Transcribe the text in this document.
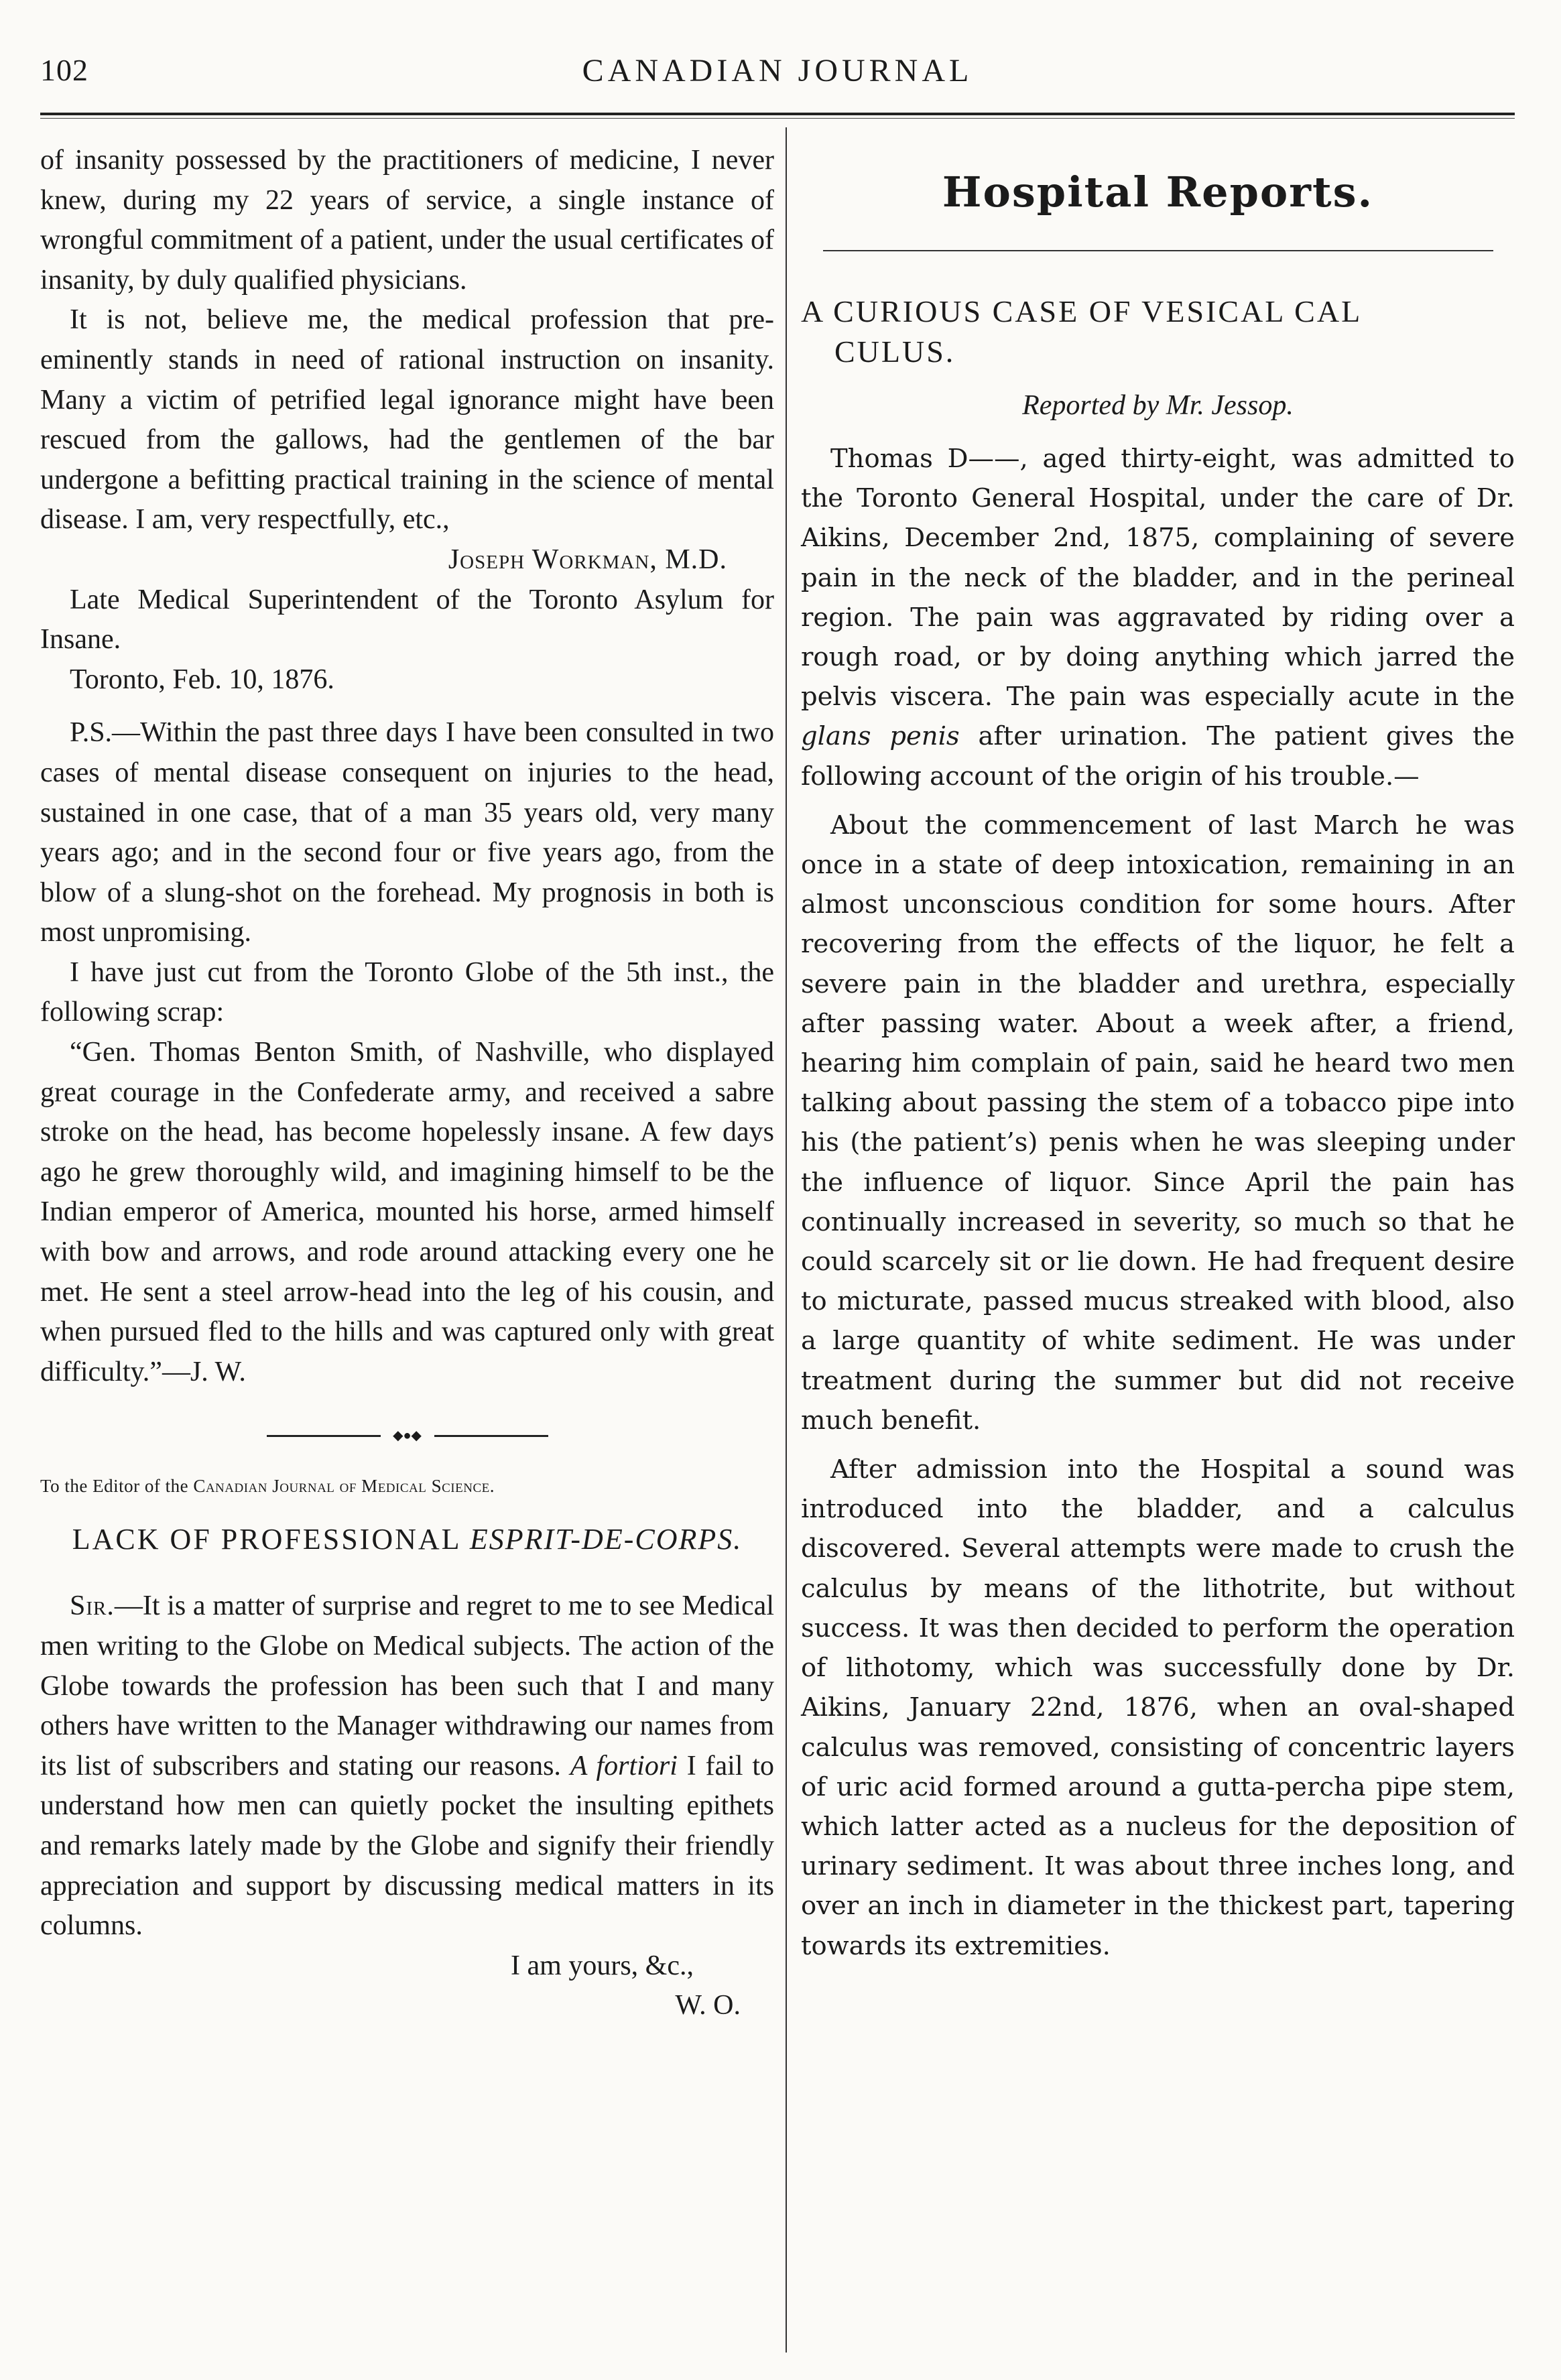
102	CANADIAN JOURNAL

of insanity possessed by the practitioners of medicine, I never knew, during my 22 years of service, a single instance of wrongful commitment of a patient, under the usual certificates of insanity, by duly qualified physicians.

It is not, believe me, the medical profession that pre-eminently stands in need of rational instruction on insanity. Many a victim of petrified legal ignorance might have been rescued from the gallows, had the gentlemen of the bar undergone a befitting practical training in the science of mental disease. I am, very respectfully, etc.,

Joseph Workman, M.D.

Late Medical Superintendent of the Toronto Asylum for Insane.

Toronto, Feb. 10, 1876.

P.S.—Within the past three days I have been consulted in two cases of mental disease consequent on injuries to the head, sustained in one case, that of a man 35 years old, very many years ago; and in the second four or five years ago, from the blow of a slung-shot on the forehead. My prognosis in both is most unpromising.

I have just cut from the Toronto Globe of the 5th inst., the following scrap:

“Gen. Thomas Benton Smith, of Nashville, who displayed great courage in the Confederate army, and received a sabre stroke on the head, has become hopelessly insane. A few days ago he grew thoroughly wild, and imagining himself to be the Indian emperor of America, mounted his horse, armed himself with bow and arrows, and rode around attacking every one he met. He sent a steel arrow-head into the leg of his cousin, and when pursued fled to the hills and was captured only with great difficulty.”—J. W.

◆●◆

To the Editor of the Canadian Journal of Medical Science.

LACK OF PROFESSIONAL ESPRIT-DE-CORPS.

Sir.—It is a matter of surprise and regret to me to see Medical men writing to the Globe on Medical subjects. The action of the Globe towards the profession has been such that I and many others have written to the Manager withdrawing our names from its list of subscribers and stating our reasons. A fortiori I fail to understand how men can quietly pocket the insulting epithets and remarks lately made by the Globe and signify their friendly appreciation and support by discussing medical matters in its columns.

I am yours, &c.,

W. O.

Hospital Reports.
A CURIOUS CASE OF VESICAL CAL
CULUS.
Reported by Mr. Jessop.

Thomas D——, aged thirty-eight, was admitted to the Toronto General Hospital, under the care of Dr. Aikins, December 2nd, 1875, complaining of severe pain in the neck of the bladder, and in the perineal region. The pain was aggravated by riding over a rough road, or by doing anything which jarred the pelvis viscera. The pain was especially acute in the glans penis after urination. The patient gives the following account of the origin of his trouble.—

About the commencement of last March he was once in a state of deep intoxication, remaining in an almost unconscious condition for some hours. After recovering from the effects of the liquor, he felt a severe pain in the bladder and urethra, especially after passing water. About a week after, a friend, hearing him complain of pain, said he heard two men talking about passing the stem of a tobacco pipe into his (the patient’s) penis when he was sleeping under the influence of liquor. Since April the pain has continually increased in severity, so much so that he could scarcely sit or lie down. He had frequent desire to micturate, passed mucus streaked with blood, also a large quantity of white sediment. He was under treatment during the summer but did not receive much benefit.

After admission into the Hospital a sound was introduced into the bladder, and a calculus discovered. Several attempts were made to crush the calculus by means of the lithotrite, but without success. It was then decided to perform the operation of lithotomy, which was successfully done by Dr. Aikins, January 22nd, 1876, when an oval-shaped calculus was removed, consisting of concentric layers of uric acid formed around a gutta-percha pipe stem, which latter acted as a nucleus for the deposition of urinary sediment. It was about three inches long, and over an inch in diameter in the thickest part, tapering towards its extremities.
